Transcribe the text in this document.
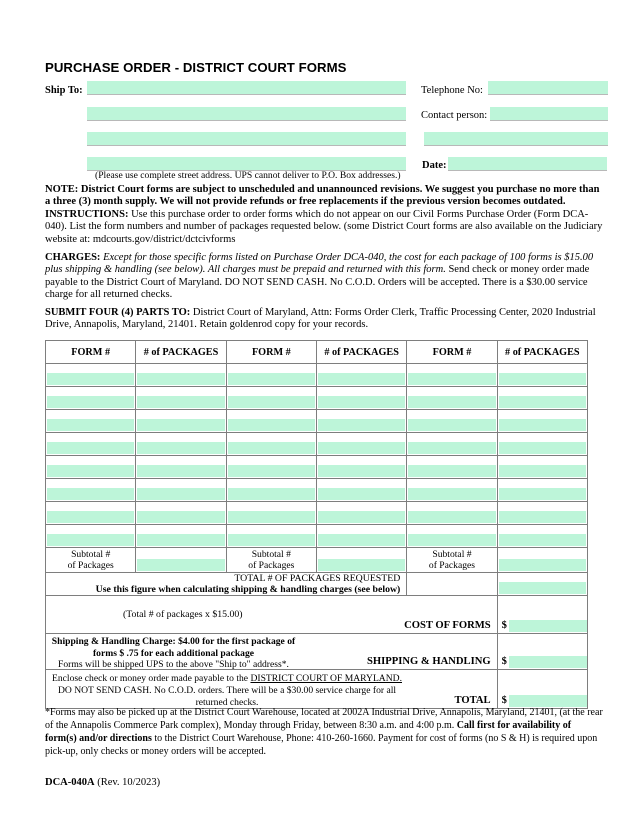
PURCHASE ORDER - DISTRICT COURT FORMS
Ship To:
(Please use complete street address. UPS cannot deliver to P.O. Box addresses.)
Telephone No:
Contact person:
Date:

NOTE: District Court forms are subject to unscheduled and unannounced revisions. We suggest you purchase no more than a three (3) month supply. We will not provide refunds or free replacements if the previous version becomes outdated.

INSTRUCTIONS: Use this purchase order to order forms which do not appear on our Civil Forms Purchase Order (Form DCA-040). List the form numbers and number of packages requested below. (some District Court forms are also available on the Judiciary website at: mdcourts.gov/district/dctcivforms

CHARGES: Except for those specific forms listed on Purchase Order DCA-040, the cost for each package of 100 forms is $15.00 plus shipping & handling (see below). All charges must be prepaid and returned with this form. Send check or money order made payable to the District Court of Maryland. DO NOT SEND CASH. No C.O.D. Orders will be accepted. There is a $30.00 service charge for all returned checks.

SUBMIT FOUR (4) PARTS TO: District Court of Maryland, Attn: Forms Order Clerk, Traffic Processing Center, 2020 Industrial Drive, Annapolis, Maryland, 21401. Retain goldenrod copy for your records.

FORM #	# of PACKAGES	FORM #	# of PACKAGES	FORM #	# of PACKAGES

Subtotal #
of Packages		Subtotal #
of Packages		Subtotal #
of Packages	

TOTAL # OF PACKAGES REQUESTED
Use this figure when calculating shipping & handling charges (see below)					

(Total # of packages x $15.00)
COST OF FORMS					$

Shipping & Handling Charge: $4.00 for the first package of
forms $ .75 for each additional package
Forms will be shipped UPS to the above "Ship to" address*. SHIPPING & HANDLING					$

Enclose check or money order made payable to the DISTRICT COURT OF MARYLAND.
DO NOT SEND CASH. No C.O.D. orders. There will be a $30.00 service charge for all
returned checks. TOTAL					$
*Forms may also be picked up at the District Court Warehouse, located at 2002A Industrial Drive, Annapolis, Maryland, 21401, (at the rear of the Annapolis Commerce Park complex), Monday through Friday, between 8:30 a.m. and 4:00 p.m. Call first for availability of form(s) and/or directions to the District Court Warehouse, Phone: 410-260-1660. Payment for cost of forms (no S & H) is required upon pick-up, only checks or money orders will be accepted.
DCA-040A (Rev. 10/2023)
